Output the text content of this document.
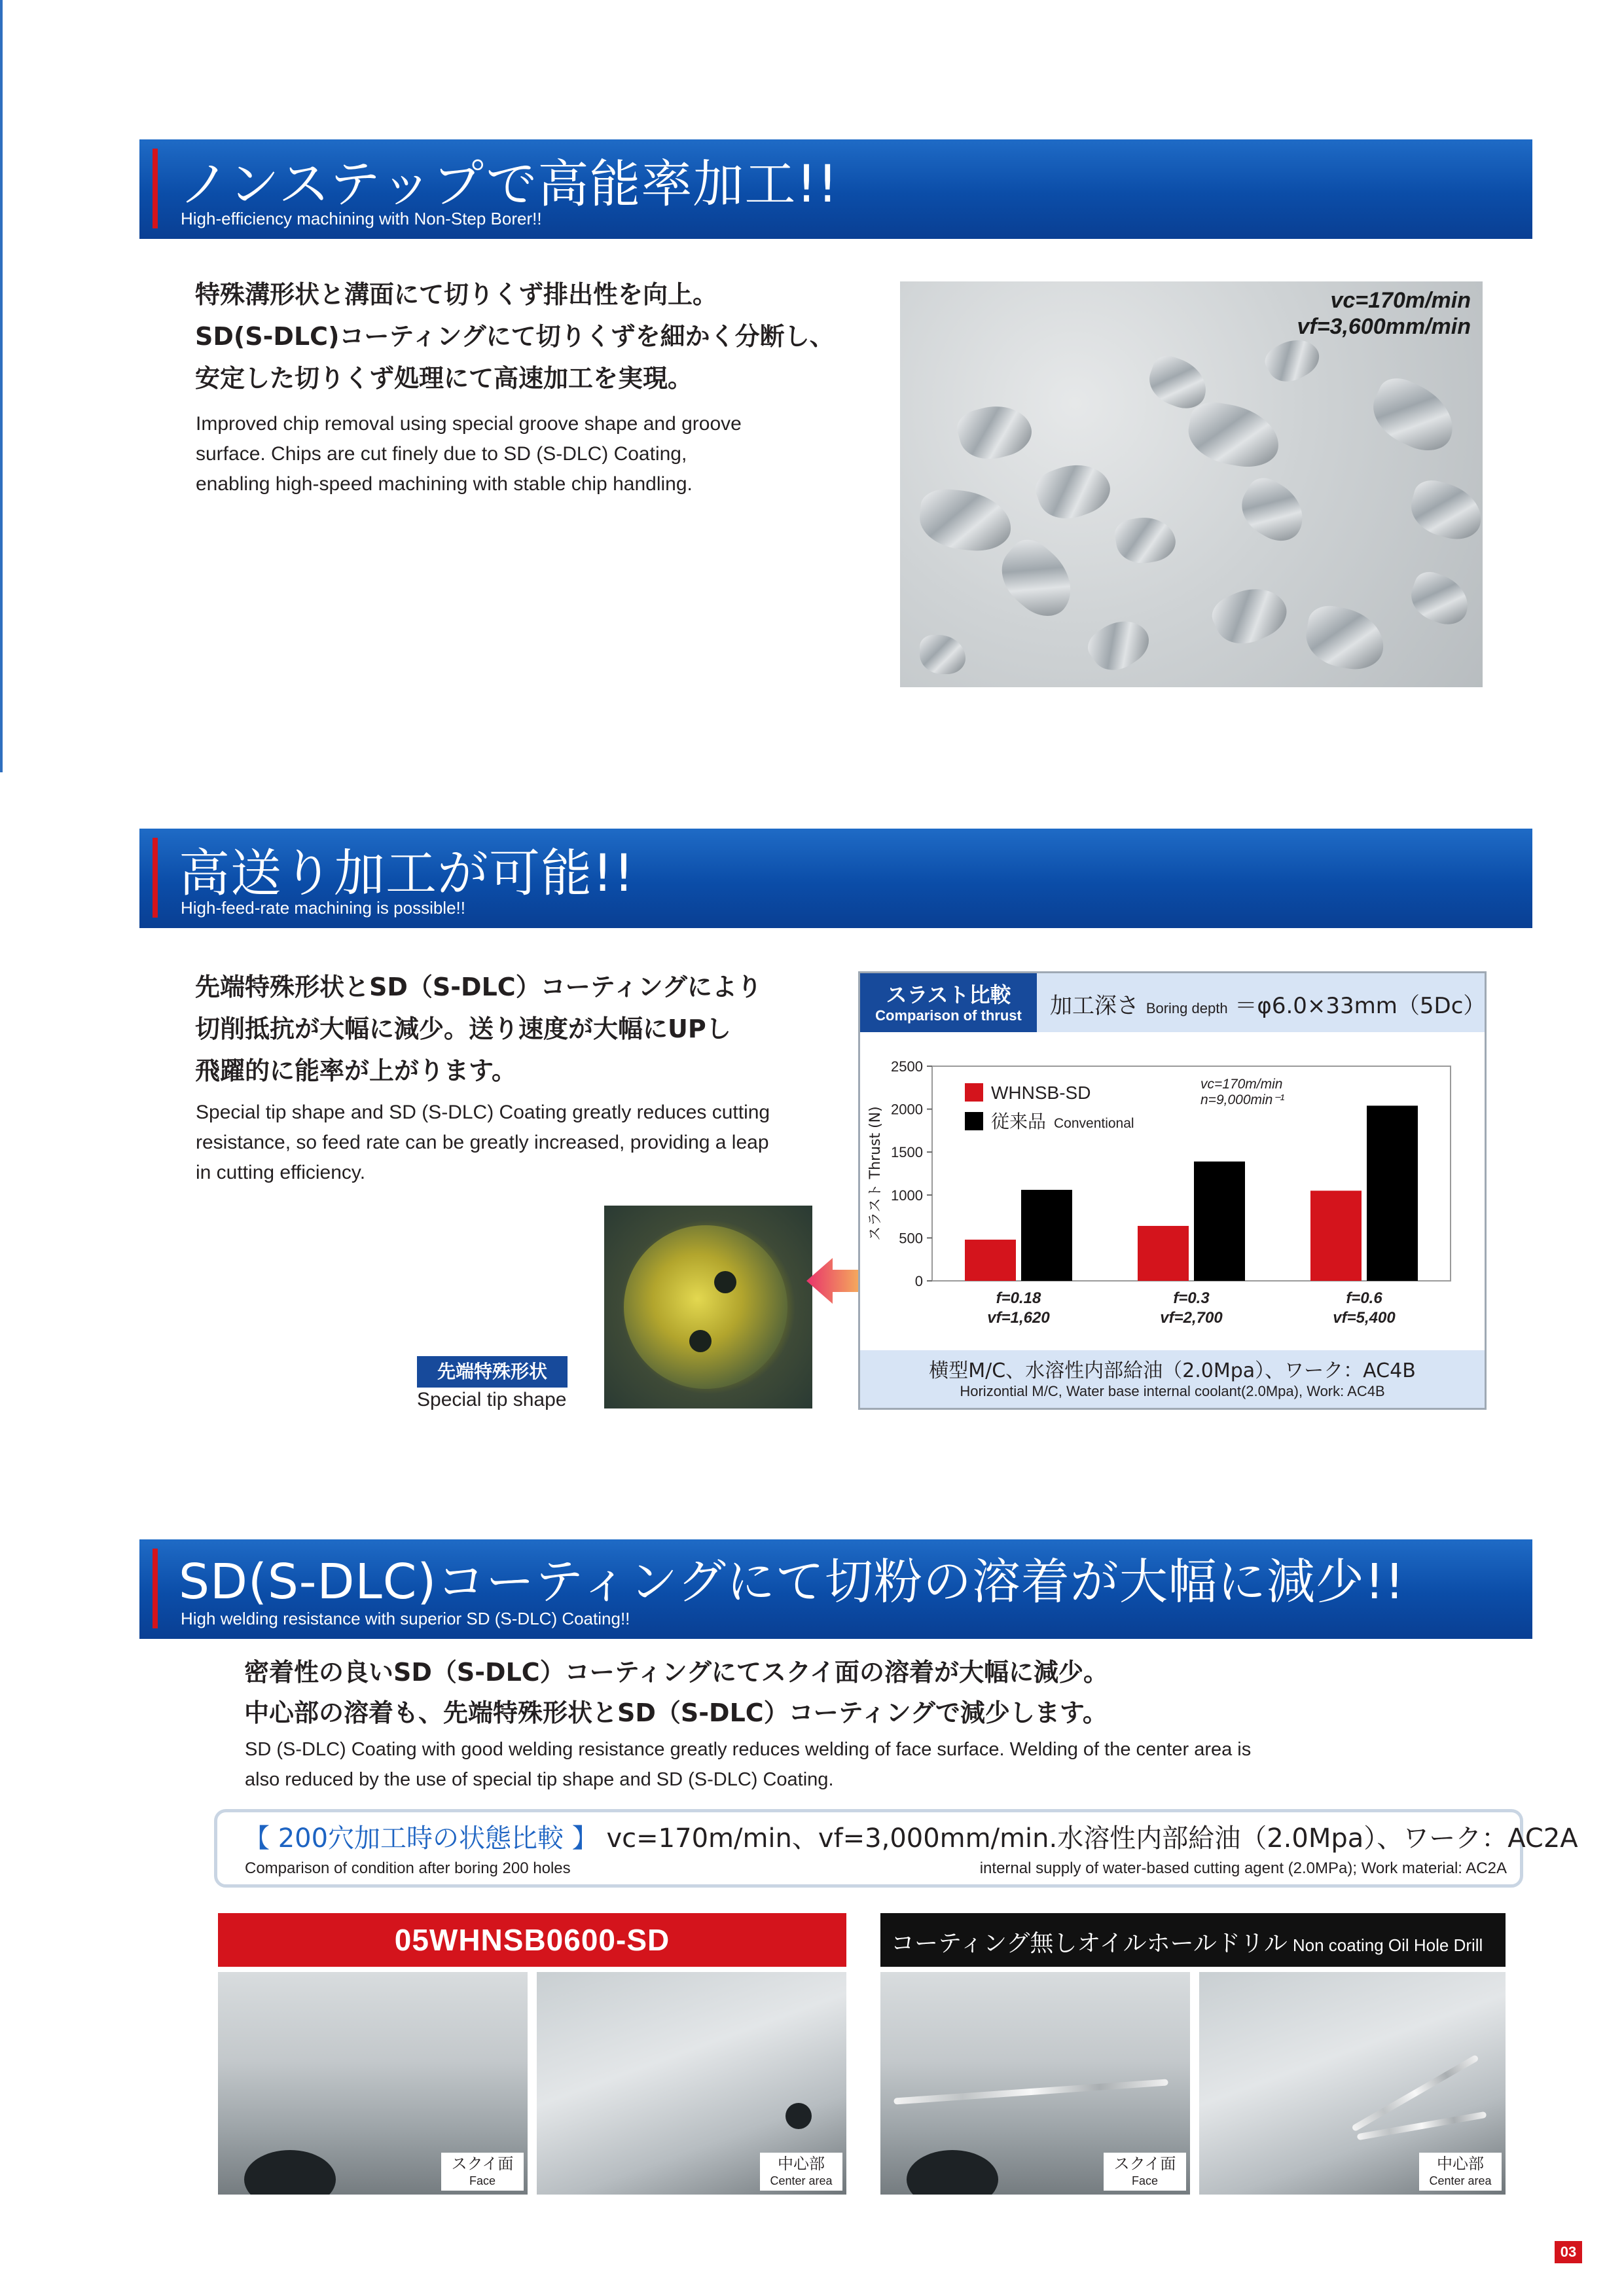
ノンステップで高能率加工!!
High-efficiency machining with Non-Step Borer!!
特殊溝形状と溝面にて切りくず排出性を向上。
SD(S-DLC)コーティングにて切りくずを細かく分断し、
安定した切りくず処理にて高速加工を実現。
Improved chip removal using special groove shape and groove
surface. Chips are cut finely due to SD (S-DLC) Coating,
enabling high-speed machining with stable chip handling.
vc=170m/min
vf=3,600mm/min
高送り加工が可能!!
High-feed-rate machining is possible!!
先端特殊形状とSD（S-DLC）コーティングにより
切削抵抗が大幅に減少。送り速度が大幅にUPし
飛躍的に能率が上がります。
Special tip shape and SD (S-DLC) Coating greatly reduces cutting
resistance, so feed rate can be greatly increased, providing a leap
in cutting efficiency.
先端特殊形状
Special tip shape
スラスト比較
Comparison of thrust	加工深さ Boring depth ＝φ6.0×33mm（5Dc）
0
500
1000
1500
2000
2500
スラスト Thrust (N)
f=0.18
vf=1,620
f=0.3
vf=2,700
f=0.6
vf=5,400
WHNSB-SD
従来品 Conventional
vc=170m/min
n=9,000min⁻¹
横型M/C、水溶性内部給油（2.0Mpa）、ワーク：AC4B
Horizontial M/C, Water base internal coolant(2.0Mpa), Work: AC4B
SD(S-DLC)コーティングにて切粉の溶着が大幅に減少!!
High welding resistance with superior SD (S-DLC) Coating!!
密着性の良いSD（S-DLC）コーティングにてスクイ面の溶着が大幅に減少。
中心部の溶着も、先端特殊形状とSD（S-DLC）コーティングで減少します。
SD (S-DLC) Coating with good welding resistance greatly reduces welding of face surface. Welding of the center area is
also reduced by the use of special tip shape and SD (S-DLC) Coating.
【 200穴加工時の状態比較 】 vc=170m/min、vf=3,000mm/min.水溶性内部給油（2.0Mpa）、ワーク：AC2A
Comparison of condition after boring 200 holes	internal supply of water-based cutting agent (2.0MPa); Work material: AC2A
05WHNSB0600-SD	コーティング無しオイルホールドリル Non coating Oil Hole Drill
スクイ面
Face
中心部
Center area
スクイ面
Face
中心部
Center area
03
